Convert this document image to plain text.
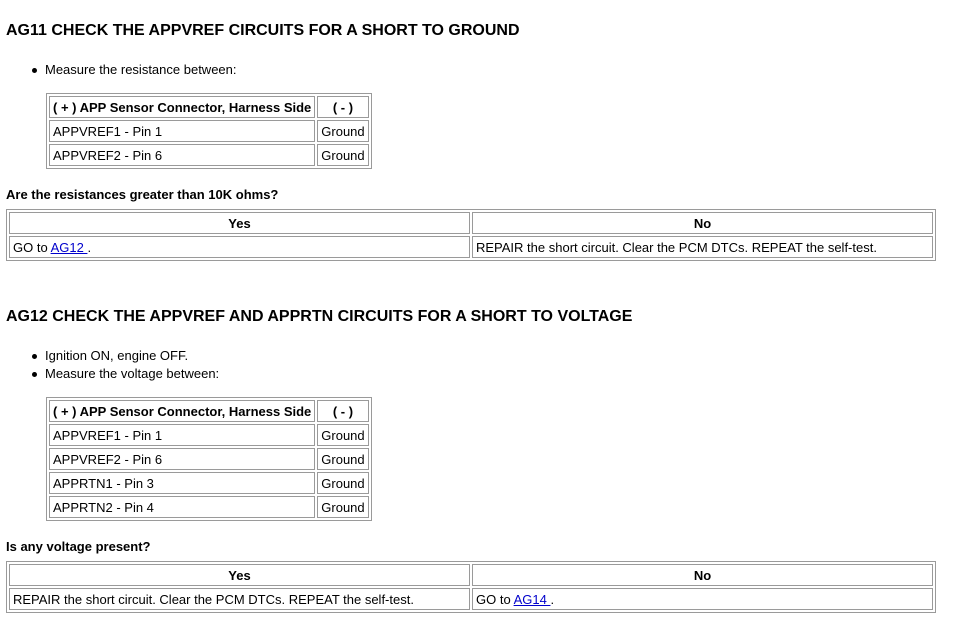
AG11 CHECK THE APPVREF CIRCUITS FOR A SHORT TO GROUND
Measure the resistance between:
( + ) APP Sensor Connector, Harness Side	( - )
APPVREF1 - Pin 1	Ground
APPVREF2 - Pin 6	Ground
Are the resistances greater than 10K ohms?
Yes	No
GO to AG12 .	REPAIR the short circuit. Clear the PCM DTCs. REPEAT the self-test.
AG12 CHECK THE APPVREF AND APPRTN CIRCUITS FOR A SHORT TO VOLTAGE
Ignition ON, engine OFF.
Measure the voltage between:
( + ) APP Sensor Connector, Harness Side	( - )
APPVREF1 - Pin 1	Ground
APPVREF2 - Pin 6	Ground
APPRTN1 - Pin 3	Ground
APPRTN2 - Pin 4	Ground
Is any voltage present?
Yes	No
REPAIR the short circuit. Clear the PCM DTCs. REPEAT the self-test.	GO to AG14 .
